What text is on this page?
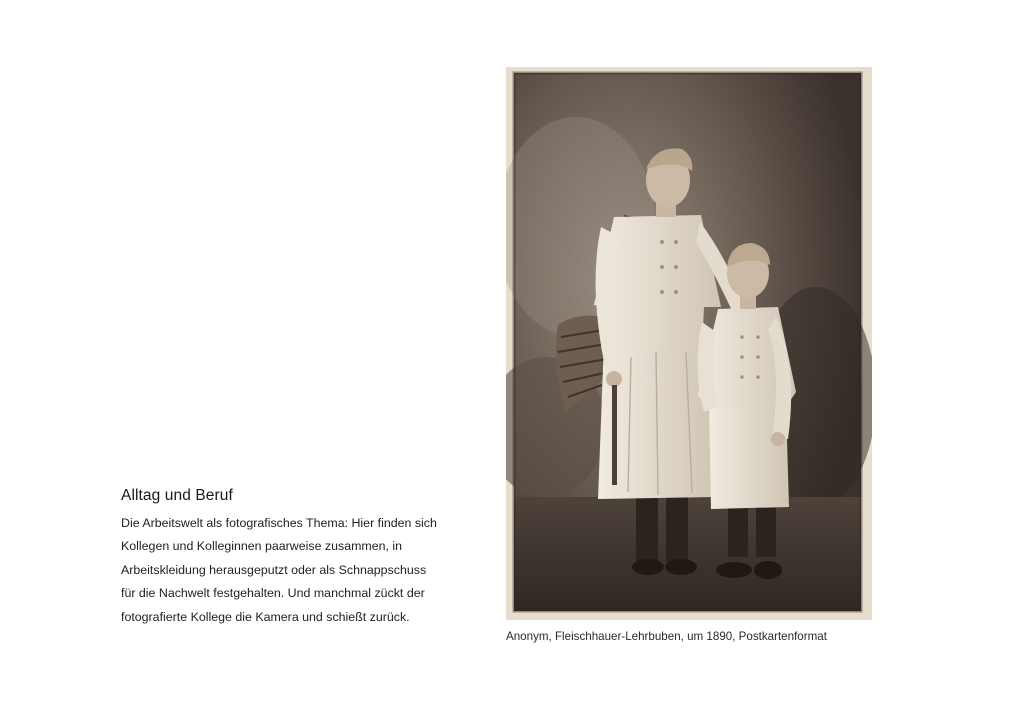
Alltag und Beruf
Die Arbeitswelt als fotografisches Thema: Hier finden sich
Kollegen und Kolleginnen paarweise zusammen, in
Arbeitskleidung herausgeputzt oder als Schnappschuss
für die Nachwelt festgehalten. Und manchmal zückt der
fotografierte Kollege die Kamera und schießt zurück.
Anonym, Fleischhauer-Lehrbuben, um 1890, Postkartenformat
